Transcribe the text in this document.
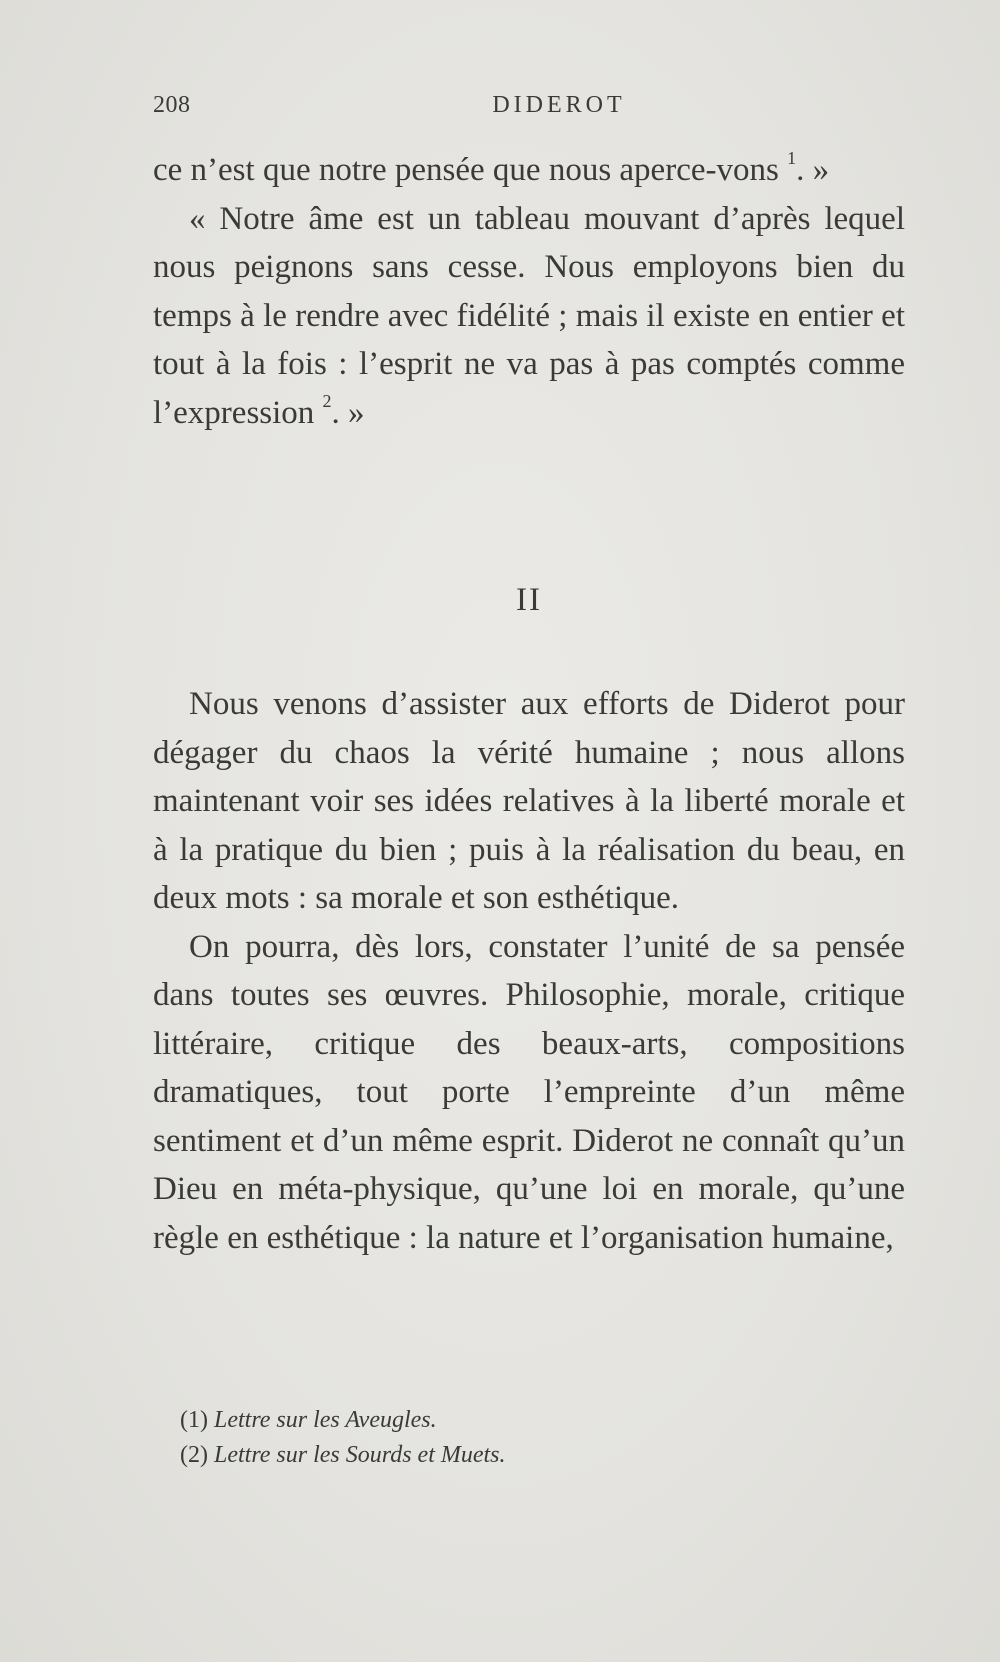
208	DIDEROT

ce n’est que notre pensée que nous aperce-vons $^1$. »

« Notre âme est un tableau mouvant d’après lequel nous peignons sans cesse. Nous employons bien du temps à le rendre avec fidélité ; mais il existe en entier et tout à la fois : l’esprit ne va pas à pas comptés comme l’expression $^2$. »

II

Nous venons d’assister aux efforts de Diderot pour dégager du chaos la vérité humaine ; nous allons maintenant voir ses idées relatives à la liberté morale et à la pratique du bien ; puis à la réalisation du beau, en deux mots : sa morale et son esthétique.

On pourra, dès lors, constater l’unité de sa pensée dans toutes ses œuvres. Philosophie, morale, critique littéraire, critique des beaux-arts, compositions dramatiques, tout porte l’empreinte d’un même sentiment et d’un même esprit. Diderot ne connaît qu’un Dieu en méta-physique, qu’une loi en morale, qu’une règle en esthétique : la nature et l’organisation humaine,

(1) Lettre sur les Aveugles.
(2) Lettre sur les Sourds et Muets.
